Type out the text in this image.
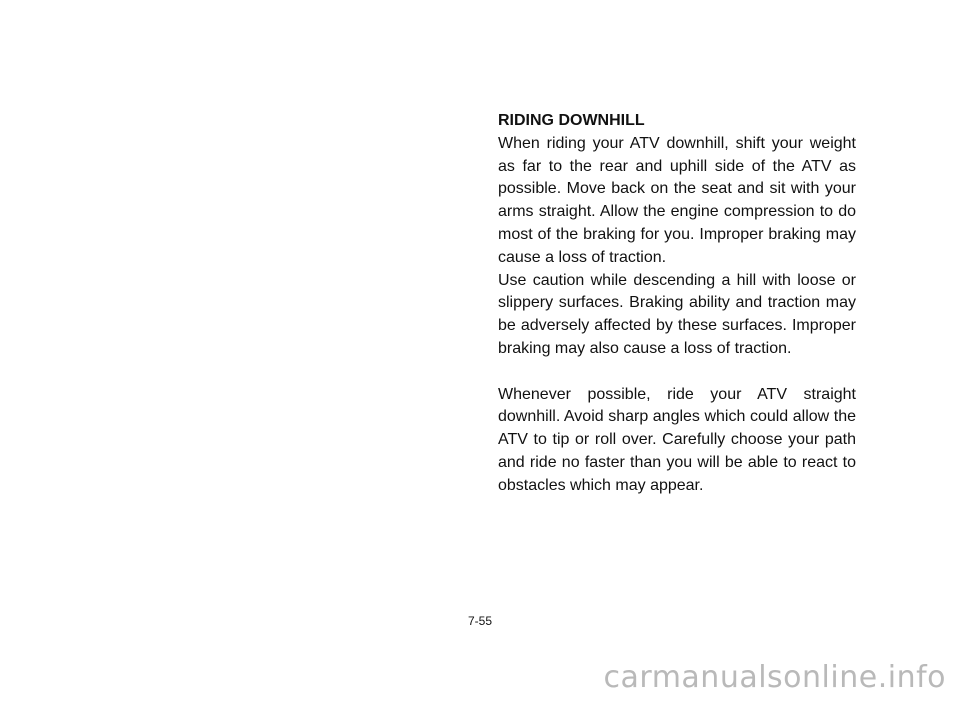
RIDING DOWNHILL

When riding your ATV downhill, shift your weight as far to the rear and uphill side of the ATV as possible. Move back on the seat and sit with your arms straight. Allow the engine compression to do most of the braking for you. Improper braking may cause a loss of traction.

Use caution while descending a hill with loose or slippery surfaces. Braking ability and traction may be adversely affected by these surfaces. Improper braking may also cause a loss of traction.

Whenever possible, ride your ATV straight downhill. Avoid sharp angles which could allow the ATV to tip or roll over. Carefully choose your path and ride no faster than you will be able to react to obstacles which may appear.

7-55
carmanualsonline.info
